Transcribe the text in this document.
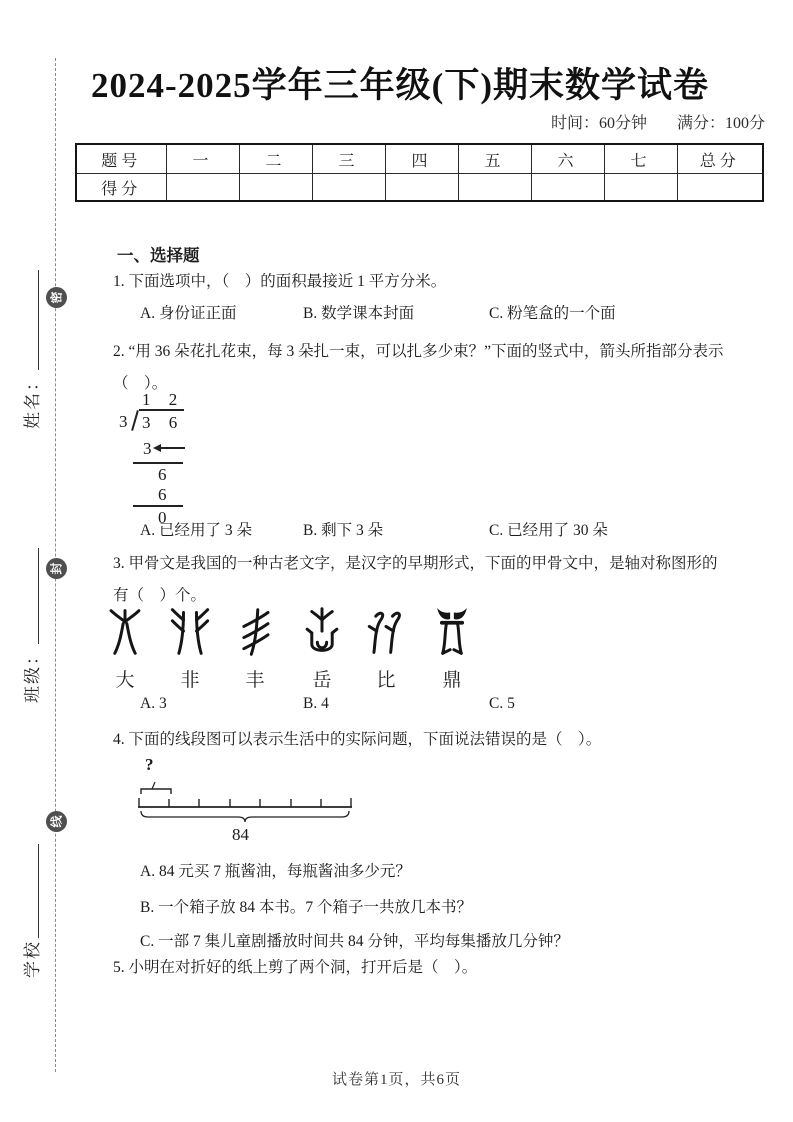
密
封
线
姓名：
班级：
学校
2024-2025学年三年级(下)期末数学试卷
时间：60分钟 满分：100分
题号	一	二	三	四	五	六	七	总分
得分								
一、选择题
1. 下面选项中，（　）的面积最接近 1 平方分米。
A. 身份证正面	B. 数学课本封面	C. 粉笔盒的一个面
2. “用 36 朵花扎花束，每 3 朵扎一束，可以扎多少束？”下面的竖式中，箭头所指部分表示
（　）。
1 2
3 3 6
3
6
6
0
A. 已经用了 3 朵	B. 剩下 3 朵	C. 已经用了 30 朵
3. 甲骨文是我国的一种古老文字，是汉字的早期形式，下面的甲骨文中，是轴对称图形的
有（　）个。
大	非	丰	岳	比	鼎
A. 3	B. 4	C. 5
4. 下面的线段图可以表示生活中的实际问题，下面说法错误的是（　）。
?
84
A. 84 元买 7 瓶酱油，每瓶酱油多少元？
B. 一个箱子放 84 本书。7 个箱子一共放几本书？
C. 一部 7 集儿童剧播放时间共 84 分钟，平均每集播放几分钟？
5. 小明在对折好的纸上剪了两个洞，打开后是（　）。
试卷第1页，共6页
